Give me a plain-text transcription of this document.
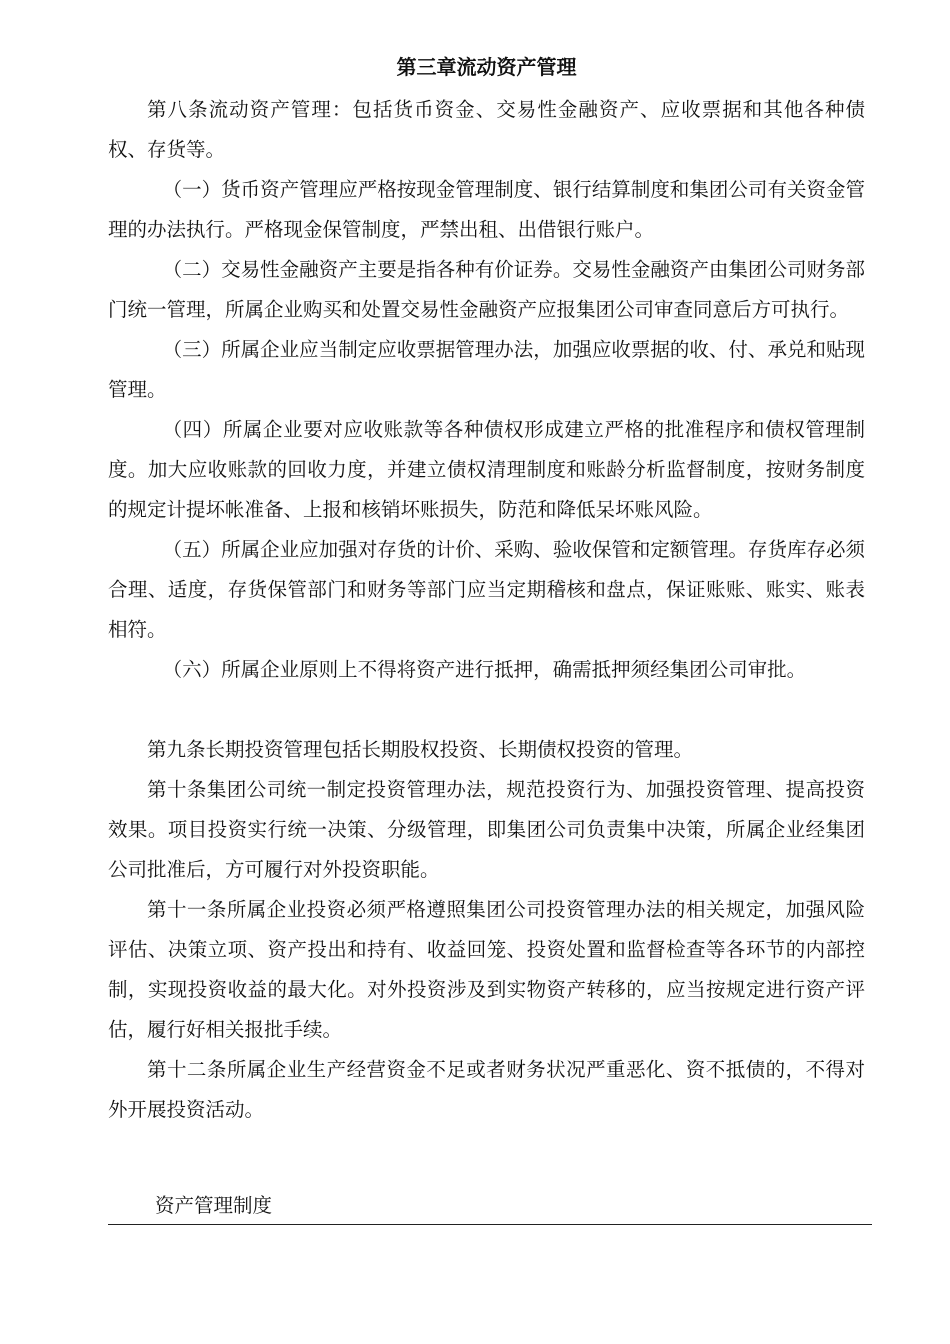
第三章流动资产管理

第八条流动资产管理：包括货币资金、交易性金融资产、应收票据和其他各种债权、存货等。

（一）货币资产管理应严格按现金管理制度、银行结算制度和集团公司有关资金管理的办法执行。严格现金保管制度，严禁出租、出借银行账户。

（二）交易性金融资产主要是指各种有价证券。交易性金融资产由集团公司财务部门统一管理，所属企业购买和处置交易性金融资产应报集团公司审查同意后方可执行。

（三）所属企业应当制定应收票据管理办法，加强应收票据的收、付、承兑和贴现管理。

（四）所属企业要对应收账款等各种债权形成建立严格的批准程序和债权管理制度。加大应收账款的回收力度，并建立债权清理制度和账龄分析监督制度，按财务制度的规定计提坏帐准备、上报和核销坏账损失，防范和降低呆坏账风险。

（五）所属企业应加强对存货的计价、采购、验收保管和定额管理。存货库存必须合理、适度，存货保管部门和财务等部门应当定期稽核和盘点，保证账账、账实、账表相符。

（六）所属企业原则上不得将资产进行抵押，确需抵押须经集团公司审批。

第九条长期投资管理包括长期股权投资、长期债权投资的管理。

第十条集团公司统一制定投资管理办法，规范投资行为、加强投资管理、提高投资效果。项目投资实行统一决策、分级管理，即集团公司负责集中决策，所属企业经集团公司批准后，方可履行对外投资职能。

第十一条所属企业投资必须严格遵照集团公司投资管理办法的相关规定，加强风险评估、决策立项、资产投出和持有、收益回笼、投资处置和监督检查等各环节的内部控制，实现投资收益的最大化。对外投资涉及到实物资产转移的，应当按规定进行资产评估，履行好相关报批手续。

第十二条所属企业生产经营资金不足或者财务状况严重恶化、资不抵债的，不得对外开展投资活动。

资产管理制度
